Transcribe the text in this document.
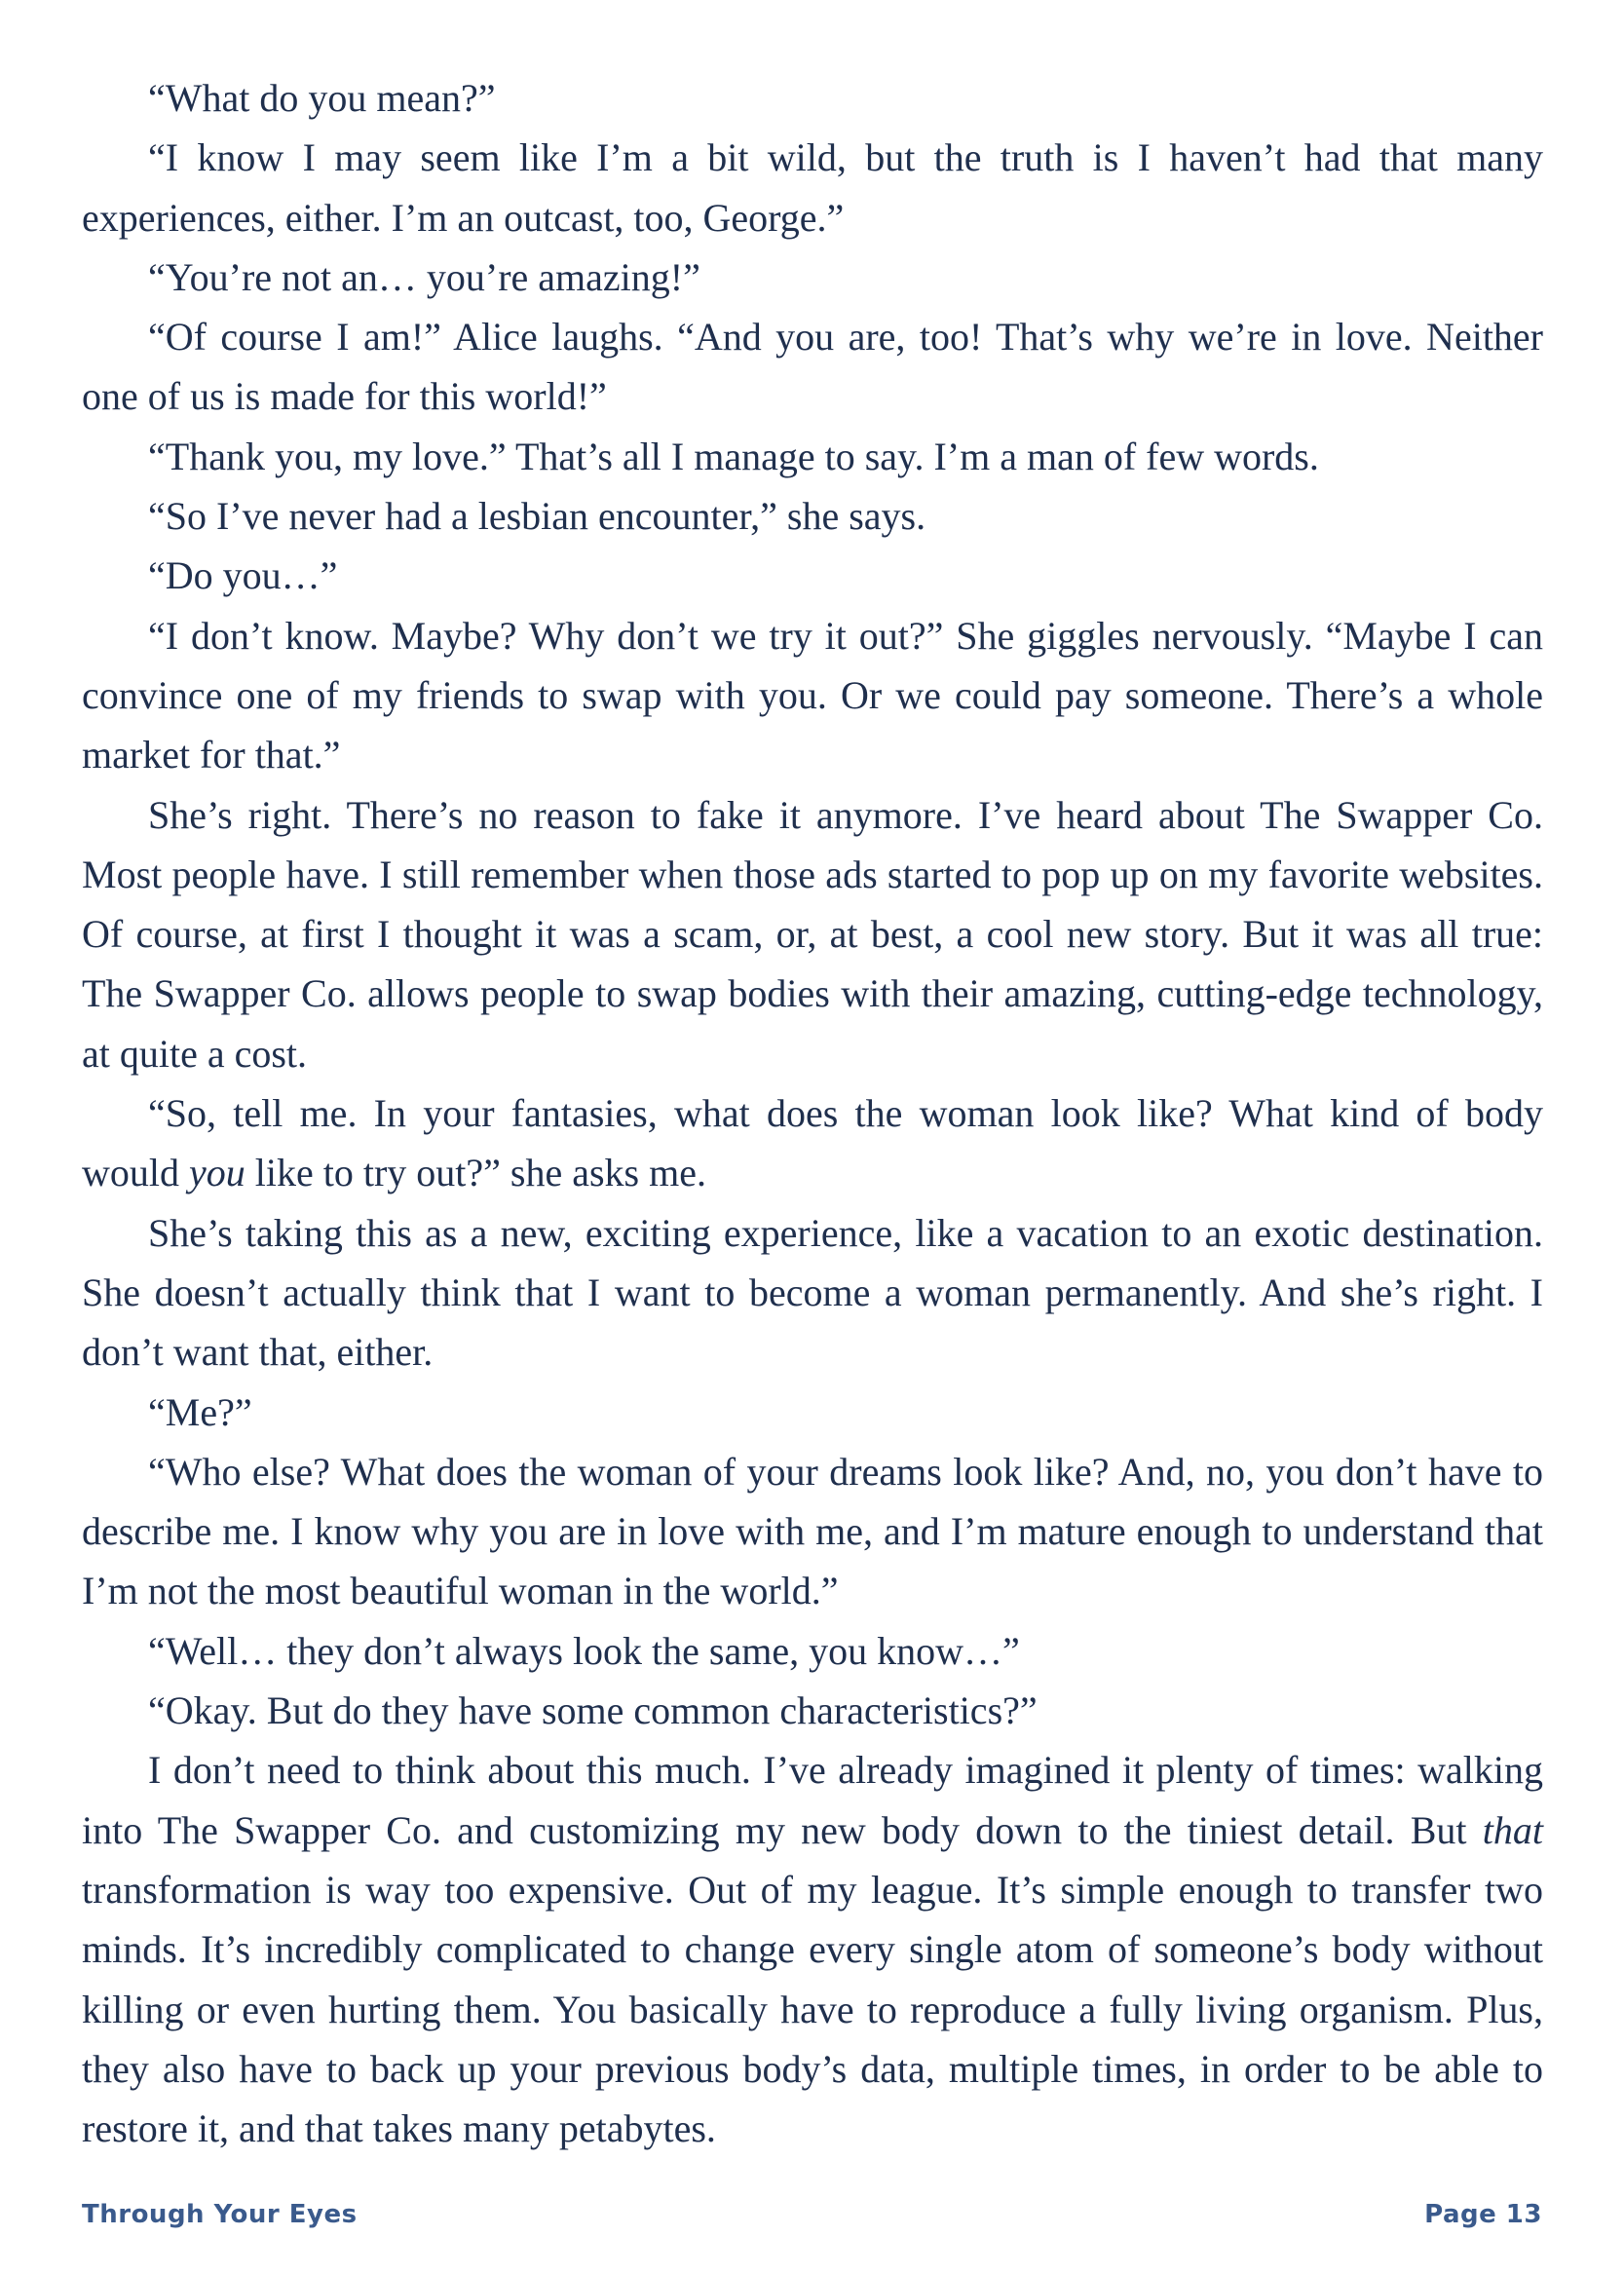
“What do you mean?”

“I know I may seem like I’m a bit wild, but the truth is I haven’t had that many experiences, either. I’m an outcast, too, George.”

“You’re not an… you’re amazing!”

“Of course I am!” Alice laughs. “And you are, too! That’s why we’re in love. Neither one of us is made for this world!”

“Thank you, my love.” That’s all I manage to say. I’m a man of few words.

“So I’ve never had a lesbian encounter,” she says.

“Do you…”

“I don’t know. Maybe? Why don’t we try it out?” She giggles nervously. “Maybe I can convince one of my friends to swap with you. Or we could pay someone. There’s a whole market for that.”

She’s right. There’s no reason to fake it anymore. I’ve heard about The Swapper Co. Most people have. I still remember when those ads started to pop up on my favorite websites. Of course, at first I thought it was a scam, or, at best, a cool new story. But it was all true: The Swapper Co. allows people to swap bodies with their amazing, cutting-edge technology, at quite a cost.

“So, tell me. In your fantasies, what does the woman look like? What kind of body would you like to try out?” she asks me.

She’s taking this as a new, exciting experience, like a vacation to an exotic destination. She doesn’t actually think that I want to become a woman permanently. And she’s right. I don’t want that, either.

“Me?”

“Who else? What does the woman of your dreams look like? And, no, you don’t have to describe me. I know why you are in love with me, and I’m mature enough to understand that I’m not the most beautiful woman in the world.”

“Well… they don’t always look the same, you know…”

“Okay. But do they have some common characteristics?”

I don’t need to think about this much. I’ve already imagined it plenty of times: walking into The Swapper Co. and customizing my new body down to the tiniest detail. But that transformation is way too expensive. Out of my league. It’s simple enough to transfer two minds. It’s incredibly complicated to change every single atom of someone’s body without killing or even hurting them. You basically have to reproduce a fully living organism. Plus, they also have to back up your previous body’s data, multiple times, in order to be able to restore it, and that takes many petabytes.

Through Your Eyes	Page 13
